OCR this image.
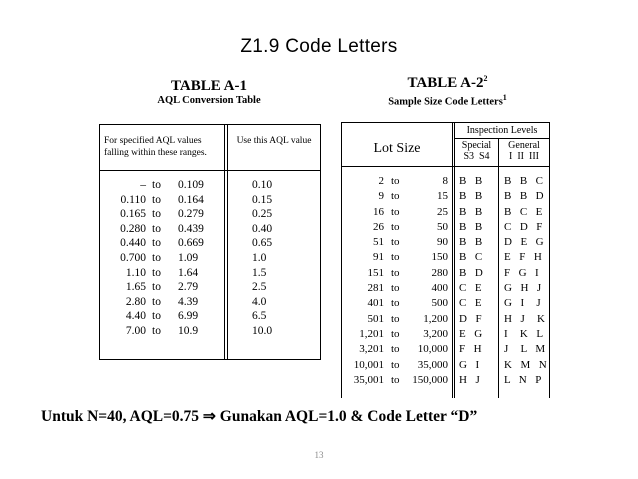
Z1.9 Code Letters
TABLE A-1
AQL Conversion Table
For specified AQL values falling within these ranges.
Use this AQL value
– to	0.109	0.10
0.110 to	0.164	0.15
0.165 to	0.279	0.25
0.280 to	0.439	0.40
0.440 to	0.669	0.65
0.700 to	1.09	1.0
1.10 to	1.64	1.5
1.65 to	2.79	2.5
2.80 to	4.39	4.0
4.40 to	6.99	6.5
7.00 to	10.9	10.0
TABLE $A-2^2$
Sample Size Code Letters$^1$
Lot Size
Inspection Levels
Special
S3  S4
General
I  II  III
2 to	8 B  B	B  B  C
9 to	15 B  B	B  B  D
16 to	25 B  B	B  C  E
26 to	50 B  B	C  D  F
51 to	90 B  B	D  E  G
91 to	150 B  C	E  F  H
151 to	280 B  D	F  G  I
281 to	400 C  E	G  H  J
401 to	500 C  E	G  I   J
501 to	1,200 D  F	H  J   K
1,201 to	3,200 E  G	I   K  L
3,201 to	10,000 F  H	J   L  M
10,001 to	35,000 G  I	K  M  N
35,001 to	150,000 H  J	L  N  P
Untuk N=40, AQL=0.75 ⇒ Gunakan AQL=1.0 & Code Letter “D”
13
